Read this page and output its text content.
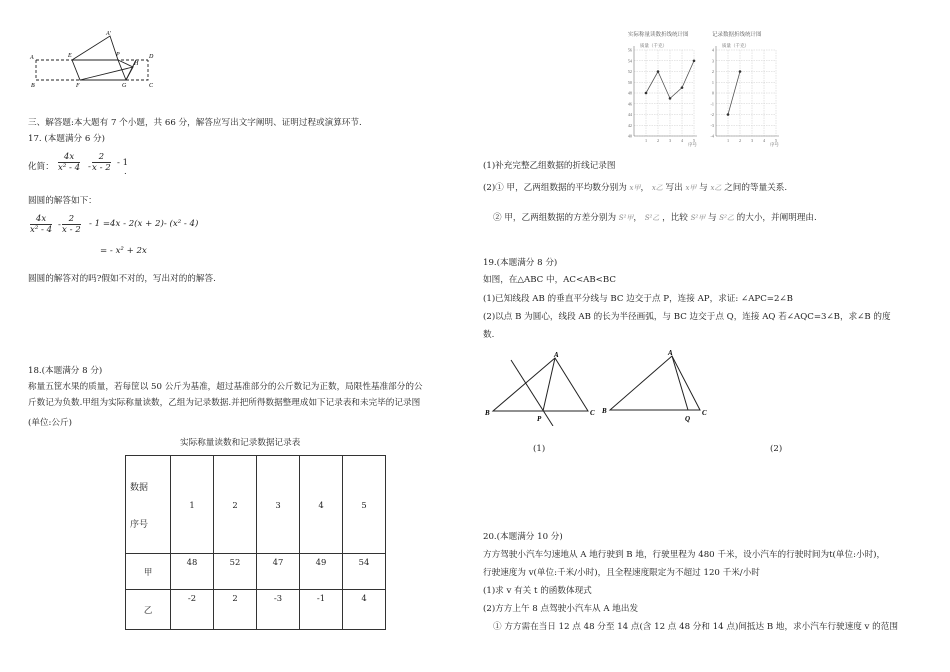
A
A'
E	P	D
H
B	F	G	C
三、解答题:本大题有 7 个小题，共 66 分，解答应写出文字阐明、证明过程或演算环节.
17. (本题满分 6 分)
化简： $\frac{4x}{\text{x² - 4}} - \frac{2}{x - 2} - 1$
.
圆圆的解答如下：
$\frac{4x}{\text{x² - 4}} - \frac{2}{x - 2} - 1 =4x - 2(x + 2)-$ (x² - 4)
= - x² + 2x
圆圆的解答对的吗?假如不对的，写出对的的解答.
18.(本题满分 8 分)
称量五筐水果的质量，若每筐以 50 公斤为基准，超过基准部分的公斤数记为正数，局限性基准部分的公
斤数记为负数.甲组为实际称量读数，乙组为记录数据.并把所得数据整理成如下记录表和未完毕的记录图
(单位:公斤)
实际称量读数和记录数据记录表
数据
序号	1	2	3	4	5
甲	48	52	47	49	54
乙	-2	2	-3	-1	4
实际称量读数折线统计图
质量（千克）
序号
56
54
52
50
48
46
44
42
40
1 2 3 4 5
记录数据折线统计图
质量（千克）
序号
4
3
2
1
0
-1
-2
-3
-4
1 2 3 4 5
(1)补充完整乙组数据的折线记录图
(2)① 甲，乙两组数据的平均数分别为 x甲， x乙 写出 x甲 与 x乙 之间的等量关系.
② 甲，乙两组数据的方差分别为 S²甲， S²乙 ，比较 S²甲 与 S²乙 的大小，并阐明理由.
19.(本题满分 8 分)
如图，在△ABC 中，AC<AB<BC
(1)已知线段 AB 的垂直平分线与 BC 边交于点 P，连接 AP，求证: ∠APC=2∠B
(2)以点 B 为圆心，线段 AB 的长为半径画弧，与 BC 边交于点 Q，连接 AQ 若∠AQC=3∠B，求∠B 的度
数.
A
B	C
P
A
B	C
Q
(1)	(2)
20.(本题满分 10 分)
方方驾驶小汽车匀速地从 A 地行驶到 B 地，行驶里程为 480 千米，设小汽车的行驶时间为t(单位:小时)，
行驶速度为 v(单位:千米/小时)，且全程速度限定为不超过 120 千米/小时
(1)求 v 有关 t 的函数体现式
(2)方方上午 8 点驾驶小汽车从 A 地出发
① 方方需在当日 12 点 48 分至 14 点(含 12 点 48 分和 14 点)间抵达 B 地，求小汽车行驶速度 v 的范围
